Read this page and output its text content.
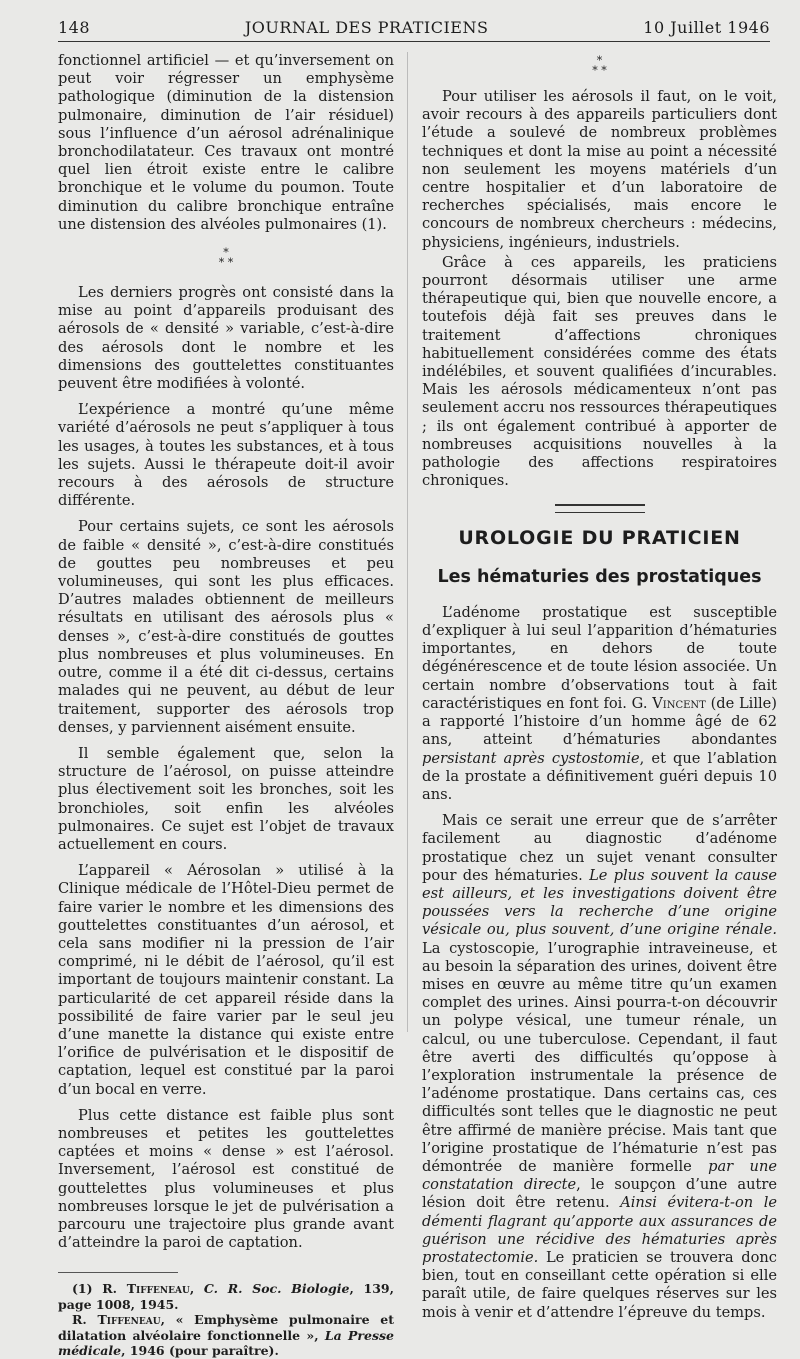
148	JOURNAL DES PRATICIENS	10 Juillet 1946

fonctionnel artificiel — et qu’inversement on peut voir régresser un emphysème pathologique (diminution de la distension pulmonaire, diminution de l’air résiduel) sous l’influence d’un aérosol adrénalinique bronchodilatateur. Ces travaux ont montré quel lien étroit existe entre le calibre bronchique et le volume du poumon. Toute diminution du calibre bronchique entraîne une distension des alvéoles pulmonaires (1).

*
* *

Les derniers progrès ont consisté dans la mise au point d’appareils produisant des aérosols de « densité » variable, c’est-à-dire des aérosols dont le nombre et les dimensions des gouttelettes constituantes peuvent être modifiées à volonté.

L’expérience a montré qu’une même variété d’aérosols ne peut s’appliquer à tous les usages, à toutes les substances, et à tous les sujets. Aussi le thérapeute doit-il avoir recours à des aérosols de structure différente.

Pour certains sujets, ce sont les aérosols de faible « densité », c’est-à-dire constitués de gouttes peu nombreuses et peu volumineuses, qui sont les plus efficaces. D’autres malades obtiennent de meilleurs résultats en utilisant des aérosols plus « denses », c’est-à-dire constitués de gouttes plus nombreuses et plus volumineuses. En outre, comme il a été dit ci-dessus, certains malades qui ne peuvent, au début de leur traitement, supporter des aérosols trop denses, y parviennent aisément ensuite.

Il semble également que, selon la structure de l’aérosol, on puisse atteindre plus électivement soit les bronches, soit les bronchioles, soit enfin les alvéoles pulmonaires. Ce sujet est l’objet de travaux actuellement en cours.

L’appareil « Aérosolan » utilisé à la Clinique médicale de l’Hôtel-Dieu permet de faire varier le nombre et les dimensions des gouttelettes constituantes d’un aérosol, et cela sans modifier ni la pression de l’air comprimé, ni le débit de l’aérosol, qu’il est important de toujours maintenir constant. La particularité de cet appareil réside dans la possibilité de faire varier par le seul jeu d’une manette la distance qui existe entre l’orifice de pulvérisation et le dispositif de captation, lequel est constitué par la paroi d’un bocal en verre.

Plus cette distance est faible plus sont nombreuses et petites les gouttelettes captées et moins « dense » est l’aérosol. Inversement, l’aérosol est constitué de gouttelettes plus volumineuses et plus nombreuses lorsque le jet de pulvérisation a parcouru une trajectoire plus grande avant d’atteindre la paroi de captation.

(1) R. Tiffeneau, C. R. Soc. Biologie, 139, page 1008, 1945.

R. Tiffeneau, « Emphysème pulmonaire et dilatation alvéolaire fonctionnelle », La Presse médicale, 1946 (pour paraître).

*
* *

Pour utiliser les aérosols il faut, on le voit, avoir recours à des appareils particuliers dont l’étude a soulevé de nombreux problèmes techniques et dont la mise au point a nécessité non seulement les moyens matériels d’un centre hospitalier et d’un laboratoire de recherches spécialisés, mais encore le concours de nombreux chercheurs : médecins, physiciens, ingénieurs, industriels.

Grâce à ces appareils, les praticiens pourront désormais utiliser une arme thérapeutique qui, bien que nouvelle encore, a toutefois déjà fait ses preuves dans le traitement d’affections chroniques habituellement considérées comme des états indélébiles, et souvent qualifiées d’incurables. Mais les aérosols médicamenteux n’ont pas seulement accru nos ressources thérapeutiques ; ils ont également contribué à apporter de nombreuses acquisitions nouvelles à la pathologie des affections respiratoires chroniques.

UROLOGIE DU PRATICIEN
Les hématuries des prostatiques

L’adénome prostatique est susceptible d’expliquer à lui seul l’apparition d’hématuries importantes, en dehors de toute dégénérescence et de toute lésion associée. Un certain nombre d’observations tout à fait caractéristiques en font foi. G. Vincent (de Lille) a rapporté l’histoire d’un homme âgé de 62 ans, atteint d’hématuries abondantes persistant après cystostomie, et que l’ablation de la prostate a définitivement guéri depuis 10 ans.

Mais ce serait une erreur que de s’arrêter facilement au diagnostic d’adénome prostatique chez un sujet venant consulter pour des hématuries. Le plus souvent la cause est ailleurs, et les investigations doivent être poussées vers la recherche d’une origine vésicale ou, plus souvent, d’une origine rénale. La cystoscopie, l’urographie intraveineuse, et au besoin la séparation des urines, doivent être mises en œuvre au même titre qu’un examen complet des urines. Ainsi pourra-t-on découvrir un polype vésical, une tumeur rénale, un calcul, ou une tuberculose. Cependant, il faut être averti des difficultés qu’oppose à l’exploration instrumentale la présence de l’adénome prostatique. Dans certains cas, ces difficultés sont telles que le diagnostic ne peut être affirmé de manière précise. Mais tant que l’origine prostatique de l’hématurie n’est pas démontrée de manière formelle par une constatation directe, le soupçon d’une autre lésion doit être retenu. Ainsi évitera-t-on le démenti flagrant qu’apporte aux assurances de guérison une récidive des hématuries après prostatectomie. Le praticien se trouvera donc bien, tout en conseillant cette opération si elle paraît utile, de faire quelques réserves sur les mois à venir et d’attendre l’épreuve du temps.
